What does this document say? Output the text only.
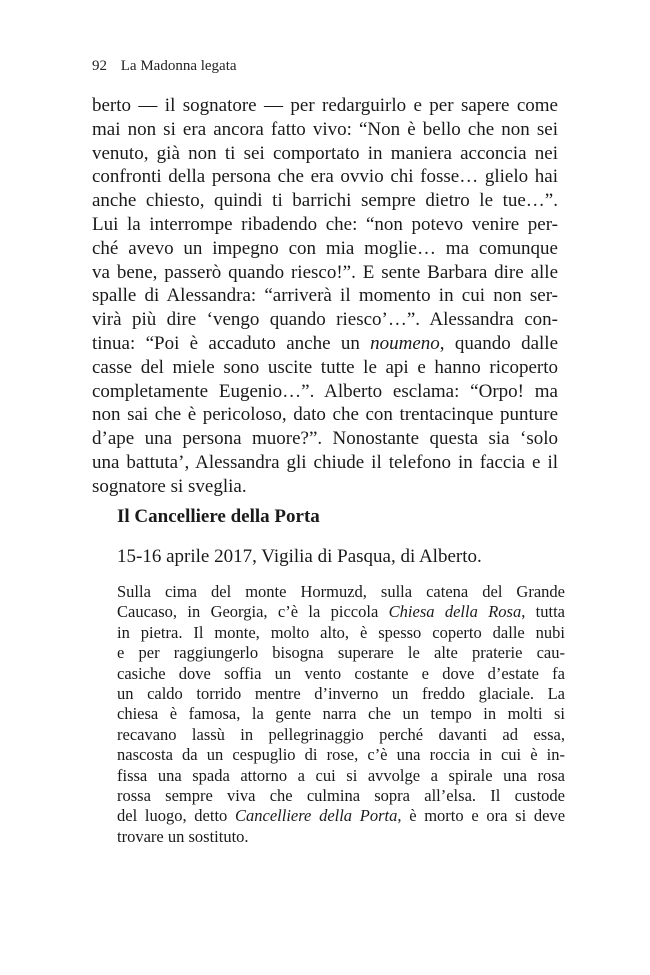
92 La Madonna legata
berto — il sognatore — per redarguirlo e per sapere come
mai non si era ancora fatto vivo: “Non è bello che non sei
venuto, già non ti sei comportato in maniera acconcia nei
confronti della persona che era ovvio chi fosse… glielo hai
anche chiesto, quindi ti barrichi sempre dietro le tue…”.
Lui la interrompe ribadendo che: “non potevo venire per-
ché avevo un impegno con mia moglie… ma comunque
va bene, passerò quando riesco!”. E sente Barbara dire alle
spalle di Alessandra: “arriverà il momento in cui non ser-
virà più dire ‘vengo quando riesco’…”. Alessandra con-
tinua: “Poi è accaduto anche un noumeno, quando dalle
casse del miele sono uscite tutte le api e hanno ricoperto
completamente Eugenio…”. Alberto esclama: “Orpo! ma
non sai che è pericoloso, dato che con trentacinque punture
d’ape una persona muore?”. Nonostante questa sia ‘solo
una battuta’, Alessandra gli chiude il telefono in faccia e il
sognatore si sveglia.
Il Cancelliere della Porta

15-16 aprile 2017, Vigilia di Pasqua, di Alberto.

Sulla cima del monte Hormuzd, sulla catena del Grande
Caucaso, in Georgia, c’è la piccola Chiesa della Rosa, tutta
in pietra. Il monte, molto alto, è spesso coperto dalle nubi
e per raggiungerlo bisogna superare le alte praterie cau-
casiche dove soffia un vento costante e dove d’estate fa
un caldo torrido mentre d’inverno un freddo glaciale. La
chiesa è famosa, la gente narra che un tempo in molti si
recavano lassù in pellegrinaggio perché davanti ad essa,
nascosta da un cespuglio di rose, c’è una roccia in cui è in-
fissa una spada attorno a cui si avvolge a spirale una rosa
rossa sempre viva che culmina sopra all’elsa. Il custode
del luogo, detto Cancelliere della Porta, è morto e ora si deve
trovare un sostituto.
